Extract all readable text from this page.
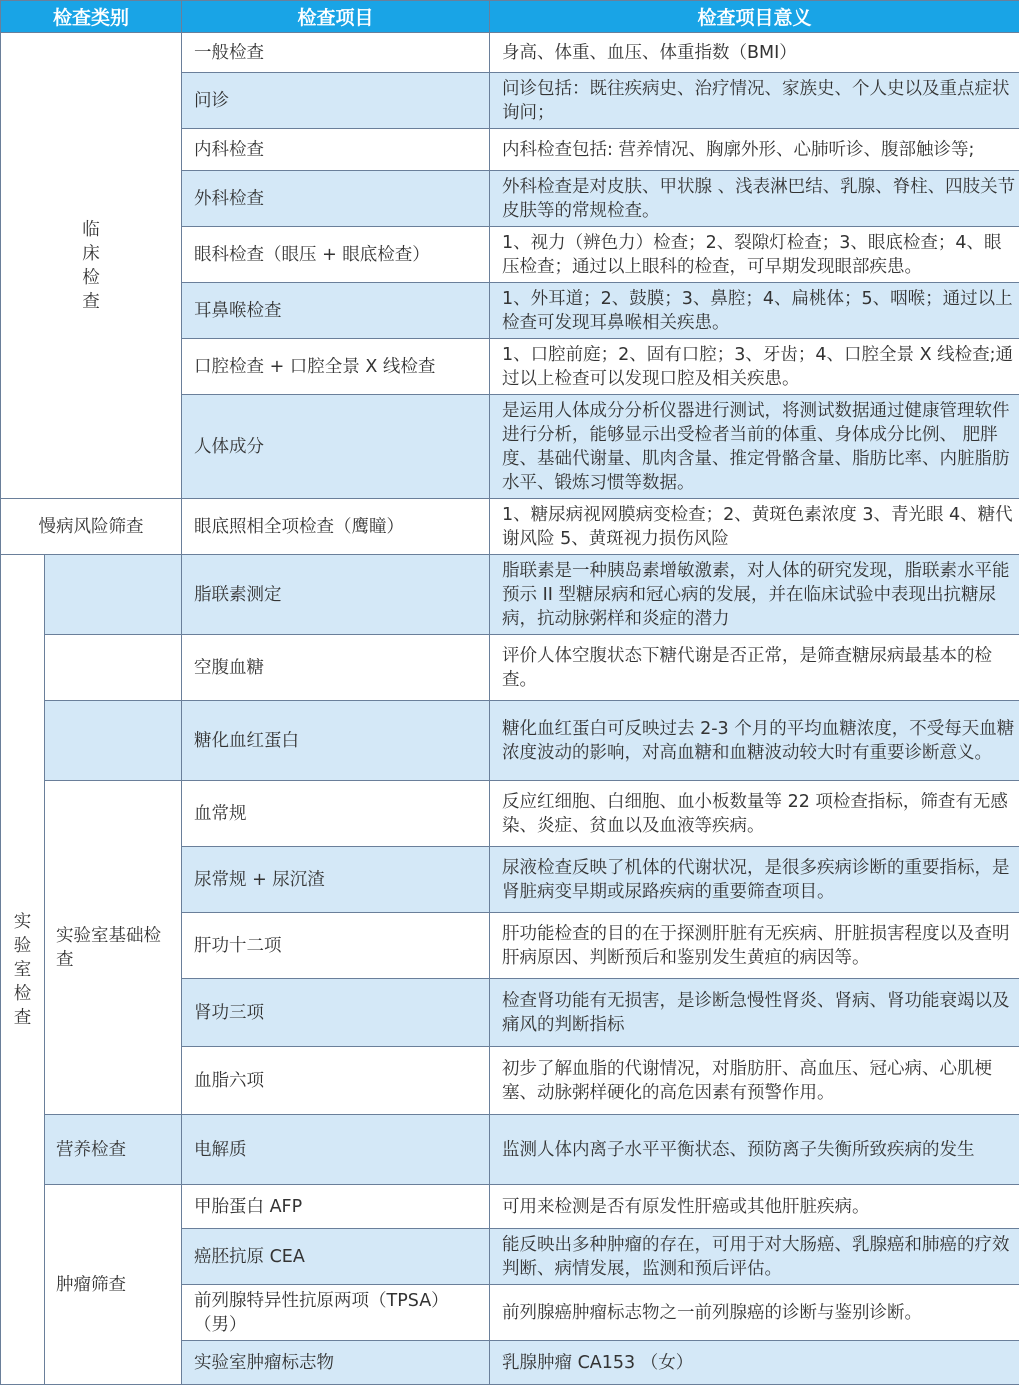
检查类别		检查项目	检查项目意义
临床检查		一般检查	身高、体重、血压、体重指数（BMI）
		问诊	问诊包括：既往疾病史、治疗情况、家族史、个人史以及重点症状询问；
		内科检查	内科检查包括: 营养情况、胸廓外形、心肺听诊、腹部触诊等;
		外科检查	外科检查是对皮肤、甲状腺 、浅表淋巴结、乳腺、脊柱、四肢关节皮肤等的常规检查。
		眼科检查（眼压 + 眼底检查）	1、视力（辨色力）检查；2、裂隙灯检查；3、眼底检查；4、眼压检查；通过以上眼科的检查，可早期发现眼部疾患。
		耳鼻喉检查	1、外耳道；2、鼓膜；3、鼻腔；4、扁桃体；5、咽喉；通过以上检查可发现耳鼻喉相关疾患。
		口腔检查 + 口腔全景 X 线检查	1、口腔前庭；2、固有口腔；3、牙齿；4、口腔全景 X 线检查;通过以上检查可以发现口腔及相关疾患。
		人体成分	是运用人体成分分析仪器进行测试，将测试数据通过健康管理软件进行分析，能够显示出受检者当前的体重、身体成分比例、 肥胖度、基础代谢量、肌肉含量、推定骨骼含量、脂肪比率、内脏脂肪 水平、锻炼习惯等数据。
慢病风险筛查		眼底照相全项检查（鹰瞳）	1、糖尿病视网膜病变检查；2、黄斑色素浓度 3、青光眼 4、糖代谢风险 5、黄斑视力损伤风险
实验室检查		脂联素测定	脂联素是一种胰岛素增敏激素，对人体的研究发现，脂联素水平能预示 II 型糖尿病和冠心病的发展，并在临床试验中表现出抗糖尿病，抗动脉粥样和炎症的潜力
		空腹血糖	评价人体空腹状态下糖代谢是否正常，是筛查糖尿病最基本的检查。
		糖化血红蛋白	糖化血红蛋白可反映过去 2-3 个月的平均血糖浓度，不受每天血糖浓度波动的影响，对高血糖和血糖波动较大时有重要诊断意义。
	实验室基础检查	血常规	反应红细胞、白细胞、血小板数量等 22 项检查指标，筛查有无感染、炎症、贫血以及血液等疾病。
		尿常规 + 尿沉渣	尿液检查反映了机体的代谢状况，是很多疾病诊断的重要指标，是肾脏病变早期或尿路疾病的重要筛查项目。
		肝功十二项	肝功能检查的目的在于探测肝脏有无疾病、肝脏损害程度以及查明肝病原因、判断预后和鉴别发生黄疸的病因等。
		肾功三项	检查肾功能有无损害，是诊断急慢性肾炎、肾病、肾功能衰竭以及痛风的判断指标
		血脂六项	初步了解血脂的代谢情况，对脂肪肝、高血压、冠心病、心肌梗塞、动脉粥样硬化的高危因素有预警作用。
	营养检查	电解质	监测人体内离子水平平衡状态、预防离子失衡所致疾病的发生
	肿瘤筛查	甲胎蛋白 AFP	可用来检测是否有原发性肝癌或其他肝脏疾病。
		癌胚抗原 CEA	能反映出多种肿瘤的存在，可用于对大肠癌、乳腺癌和肺癌的疗效判断、病情发展，监测和预后评估。
		前列腺特异性抗原两项（TPSA）（男）	前列腺癌肿瘤标志物之一前列腺癌的诊断与鉴别诊断。
		实验室肿瘤标志物	乳腺肿瘤 CA153 （女）
